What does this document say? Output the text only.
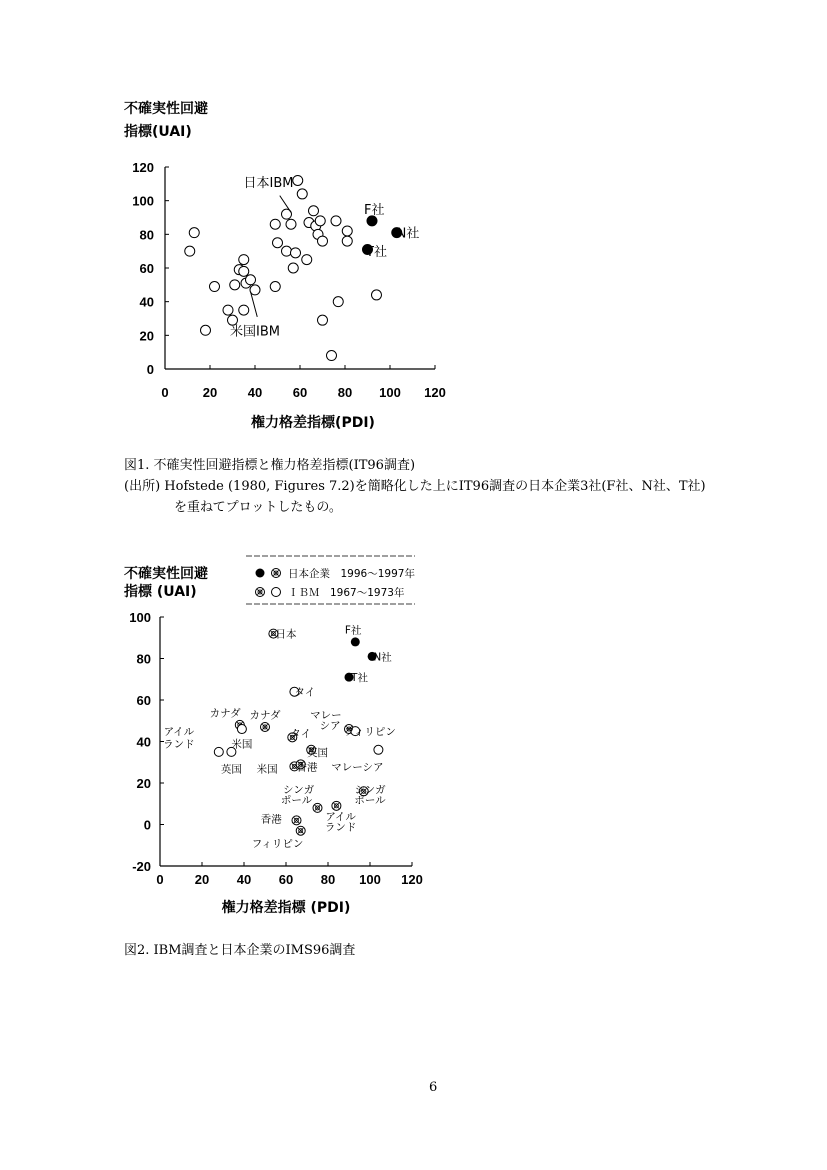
不確実性回避
指標(UAI)
0	20 40 60 80 100 120
0
20
40
60
80
100
120
権力格差指標(PDI)
日本IBM
米国IBM
F社
N社
T社
不確実性回避
指標 (UAI)
日本企業　1996～1997年
ＩＢＭ　1967～1973年
0 20 40 60 80 100 120
-20
0
20
40
60
80
100
権力格差指標 (PDI)
日本	F社
N社
T社
タイ
カナダ カナダ	マレー
シア
フィリピン
アイル
ランド
タイ
米国
英国
英国 米国 香港 マレーシア
シンガ
ポール
シンガ
ポール
アイル
ランド
香港
フィリピン
図1. 不確実性回避指標と権力格差指標(IT96調査)
(出所) Hofstede (1980, Figures 7.2)を簡略化した上にIT96調査の日本企業3社(F社、N社、T社)
を重ねてプロットしたもの。
図2. IBM調査と日本企業のIMS96調査
6
